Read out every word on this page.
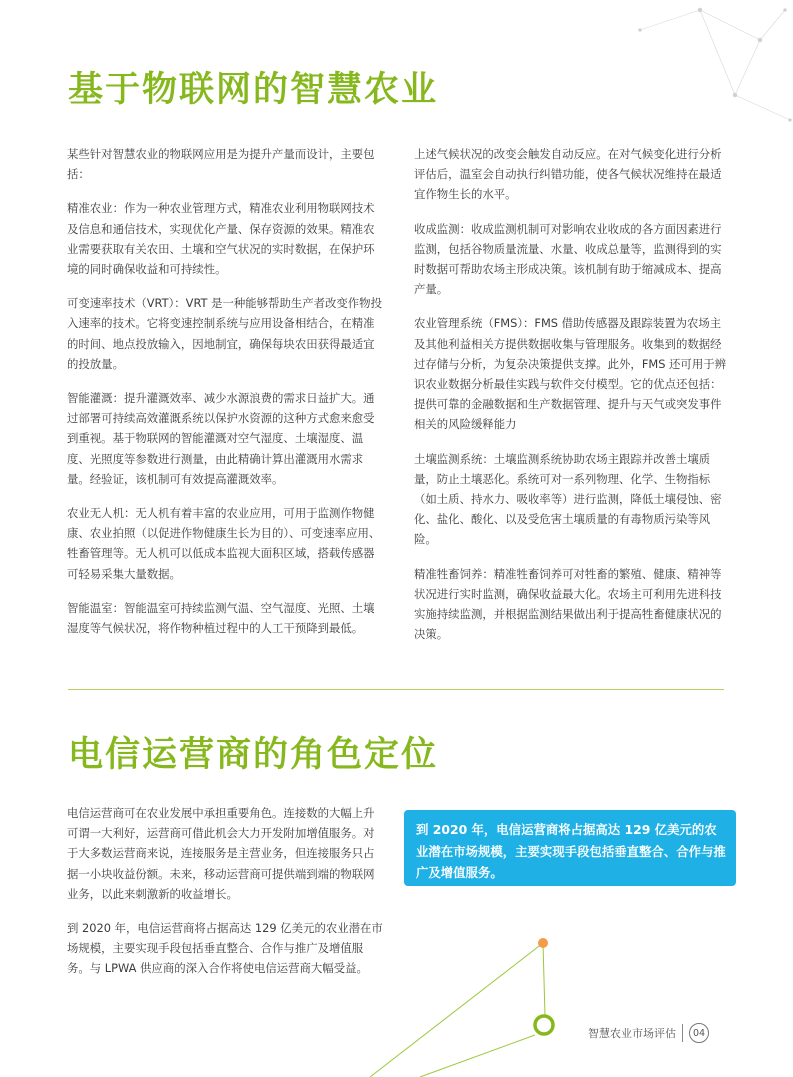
基于物联网的智慧农业

某些针对智慧农业的物联网应用是为提升产量而设计，主要包括：

精准农业：作为一种农业管理方式，精准农业利用物联网技术及信息和通信技术，实现优化产量、保存资源的效果。精准农业需要获取有关农田、土壤和空气状况的实时数据，在保护环境的同时确保收益和可持续性。

可变速率技术（VRT）：VRT 是一种能够帮助生产者改变作物投入速率的技术。它将变速控制系统与应用设备相结合，在精准的时间、地点投放输入，因地制宜，确保每块农田获得最适宜的投放量。

智能灌溉：提升灌溉效率、减少水源浪费的需求日益扩大。通过部署可持续高效灌溉系统以保护水资源的这种方式愈来愈受到重视。基于物联网的智能灌溉对空气湿度、土壤湿度、温度、光照度等参数进行测量，由此精确计算出灌溉用水需求量。经验证，该机制可有效提高灌溉效率。

农业无人机：无人机有着丰富的农业应用，可用于监测作物健康、农业拍照（以促进作物健康生长为目的）、可变速率应用、牲畜管理等。无人机可以低成本监视大面积区域，搭载传感器可轻易采集大量数据。

智能温室：智能温室可持续监测气温、空气湿度、光照、土壤湿度等气候状况，将作物种植过程中的人工干预降到最低。

上述气候状况的改变会触发自动反应。在对气候变化进行分析评估后，温室会自动执行纠错功能，使各气候状况维持在最适宜作物生长的水平。

收成监测：收成监测机制可对影响农业收成的各方面因素进行监测，包括谷物质量流量、水量、收成总量等，监测得到的实时数据可帮助农场主形成决策。该机制有助于缩减成本、提高产量。

农业管理系统（FMS）：FMS 借助传感器及跟踪装置为农场主及其他利益相关方提供数据收集与管理服务。收集到的数据经过存储与分析，为复杂决策提供支撑。此外，FMS 还可用于辨识农业数据分析最佳实践与软件交付模型。它的优点还包括：提供可靠的金融数据和生产数据管理、提升与天气或突发事件相关的风险缓释能力

土壤监测系统：土壤监测系统协助农场主跟踪并改善土壤质量，防止土壤恶化。系统可对一系列物理、化学、生物指标（如土质、持水力、吸收率等）进行监测，降低土壤侵蚀、密化、盐化、酸化、以及受危害土壤质量的有毒物质污染等风险。

精准牲畜饲养：精准牲畜饲养可对牲畜的繁殖、健康、精神等状况进行实时监测，确保收益最大化。农场主可利用先进科技实施持续监测，并根据监测结果做出利于提高牲畜健康状况的决策。

电信运营商的角色定位

电信运营商可在农业发展中承担重要角色。连接数的大幅上升可谓一大利好，运营商可借此机会大力开发附加增值服务。对于大多数运营商来说，连接服务是主营业务，但连接服务只占据一小块收益份额。未来，移动运营商可提供端到端的物联网业务，以此来刺激新的收益增长。

到 2020 年，电信运营商将占据高达 129 亿美元的农业潜在市场规模，主要实现手段包括垂直整合、合作与推广及增值服务。与 LPWA 供应商的深入合作将使电信运营商大幅受益。

到 2020 年，电信运营商将占据高达 129 亿美元的农业潜在市场规模，主要实现手段包括垂直整合、合作与推广及增值服务。
智慧农业市场评估	04
